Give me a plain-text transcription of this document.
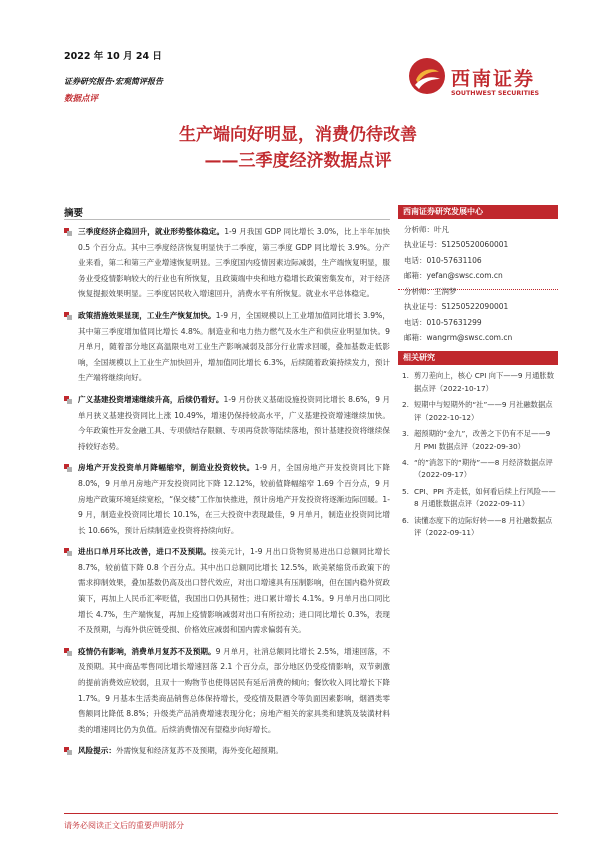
2022 年 10 月 24 日
证券研究报告·宏观简评报告
数据点评
西南证券
SOUTHWEST SECURITIES
生产端向好明显，消费仍待改善
——三季度经济数据点评
摘要

三季度经济企稳回升，就业形势整体稳定。1-9 月我国 GDP 同比增长 3.0%，比上半年加快 0.5 个百分点。其中三季度经济恢复明显快于二季度，第三季度 GDP 同比增长 3.9%。分产业来看，第二和第三产业增速恢复明显。三季度国内疫情因素边际减弱，生产端恢复明显，服务业受疫情影响较大的行业也有所恢复，且政策端中央和地方稳增长政策密集发布，对于经济恢复提振效果明显。三季度居民收入增速回升，消费水平有所恢复。就业水平总体稳定。

政策措施效果显现，工业生产恢复加快。1-9 月，全国规模以上工业增加值同比增长 3.9%，其中第三季度增加值同比增长 4.8%。制造业和电力热力燃气及水生产和供应业明显加快。9 月单月，随着部分地区高温限电对工业生产影响减弱及部分行业需求回暖，叠加基数走低影响，全国规模以上工业生产加快回升，增加值同比增长 6.3%，后续随着政策持续发力，预计生产端将继续向好。

广义基建投资增速继续升高，后续仍看好。1-9 月份狭义基础设施投资同比增长 8.6%，9 月单月狭义基建投资同比上涨 10.49%，增速仍保持较高水平，广义基建投资增速继续加快。今年政策性开发金融工具、专项债结存限额、专项再贷款等陆续落地，预计基建投资将继续保持较好态势。

房地产开发投资单月降幅缩窄，制造业投资较快。1-9 月，全国房地产开发投资同比下降 8.0%，9 月单月房地产开发投资同比下降 12.12%，较前值降幅缩窄 1.69 个百分点，9 月房地产政策环境延续宽松，“保交楼”工作加快推进，预计房地产开发投资将逐渐边际回暖。1-9 月，制造业投资同比增长 10.1%，在三大投资中表现最佳，9 月单月，制造业投资同比增长 10.66%，预计后续制造业投资将持续向好。

进出口单月环比改善，进口不及预期。按美元计，1-9 月出口货物贸易进出口总额同比增长 8.7%，较前值下降 0.8 个百分点。其中出口总额同比增长 12.5%，欧美紧缩货币政策下的需求抑制效果，叠加基数仍高及出口替代效应，对出口增速具有压制影响，但在国内稳外贸政策下，再加上人民币汇率贬值，我国出口仍具韧性；进口累计增长 4.1%。9 月单月出口同比增长 4.7%，生产端恢复，再加上疫情影响减弱对出口有所拉动；进口同比增长 0.3%，表现不及预期，与海外供应链受损、价格效应减弱和国内需求偏弱有关。

疫情仍有影响，消费单月复苏不及预期。9 月单月，社消总额同比增长 2.5%，增速回落，不及预期。其中商品零售同比增长增速回落 2.1 个百分点，部分地区仍受疫情影响，双节刺激的提前消费效应较弱，且双十一购物节也使得居民有延后消费的倾向；餐饮收入同比增长下降 1.7%。9 月基本生活类商品销售总体保持增长，受疫情及限酒令等负面因素影响，烟酒类零售额同比降低 8.8%；升级类产品消费增速表现分化；房地产相关的家具类和建筑及装潢材料类的增速同比仍为负值。后续消费情况有望稳步向好增长。

风险提示：外需恢复和经济复苏不及预期，海外变化超预期。

西南证券研究发展中心
分析师：叶凡
执业证号：S1250520060001
电话：010-57631106
邮箱：yefan@swsc.com.cn
分析师：王润梦
执业证号：S1250522090001
电话：010-57631299
邮箱：wangrm@swsc.com.cn
相关研究
1. 剪刀差向上，核心 CPI 向下——9 月通胀数据点评（2022-10-17）
2. 短期中与短期外的“社”——9 月社融数据点评（2022-10-12）
3. 超预期的“金九”，改善之下仍有不足——9 月 PMI 数据点评（2022-09-30）
4. “的”消忽下的“期待”——8 月经济数据点评（2022-09-17）
5. CPI、PPI 齐走低，如何看后续上行风险——8 月通胀数据点评（2022-09-11）
6. 读懂态度下的边际好转——8 月社融数据点评（2022-09-11）
请务必阅读正文后的重要声明部分
